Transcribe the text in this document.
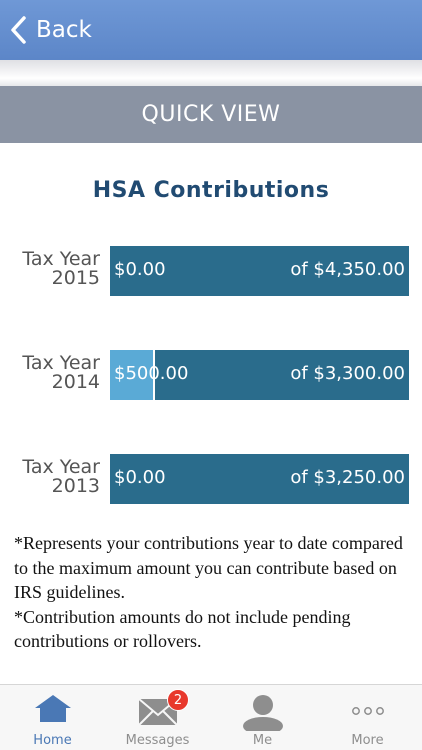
Back
QUICK VIEW
HSA Contributions
Tax Year
2015 $0.00	of $4,350.00
Tax Year
2014 $500.00	of $3,300.00
Tax Year
2013 $0.00	of $3,250.00

*Represents your contributions year to date compared to the maximum amount you can contribute based on IRS guidelines.

*Contribution amounts do not include pending contributions or rollovers.

Home
2
Messages	Me	More
